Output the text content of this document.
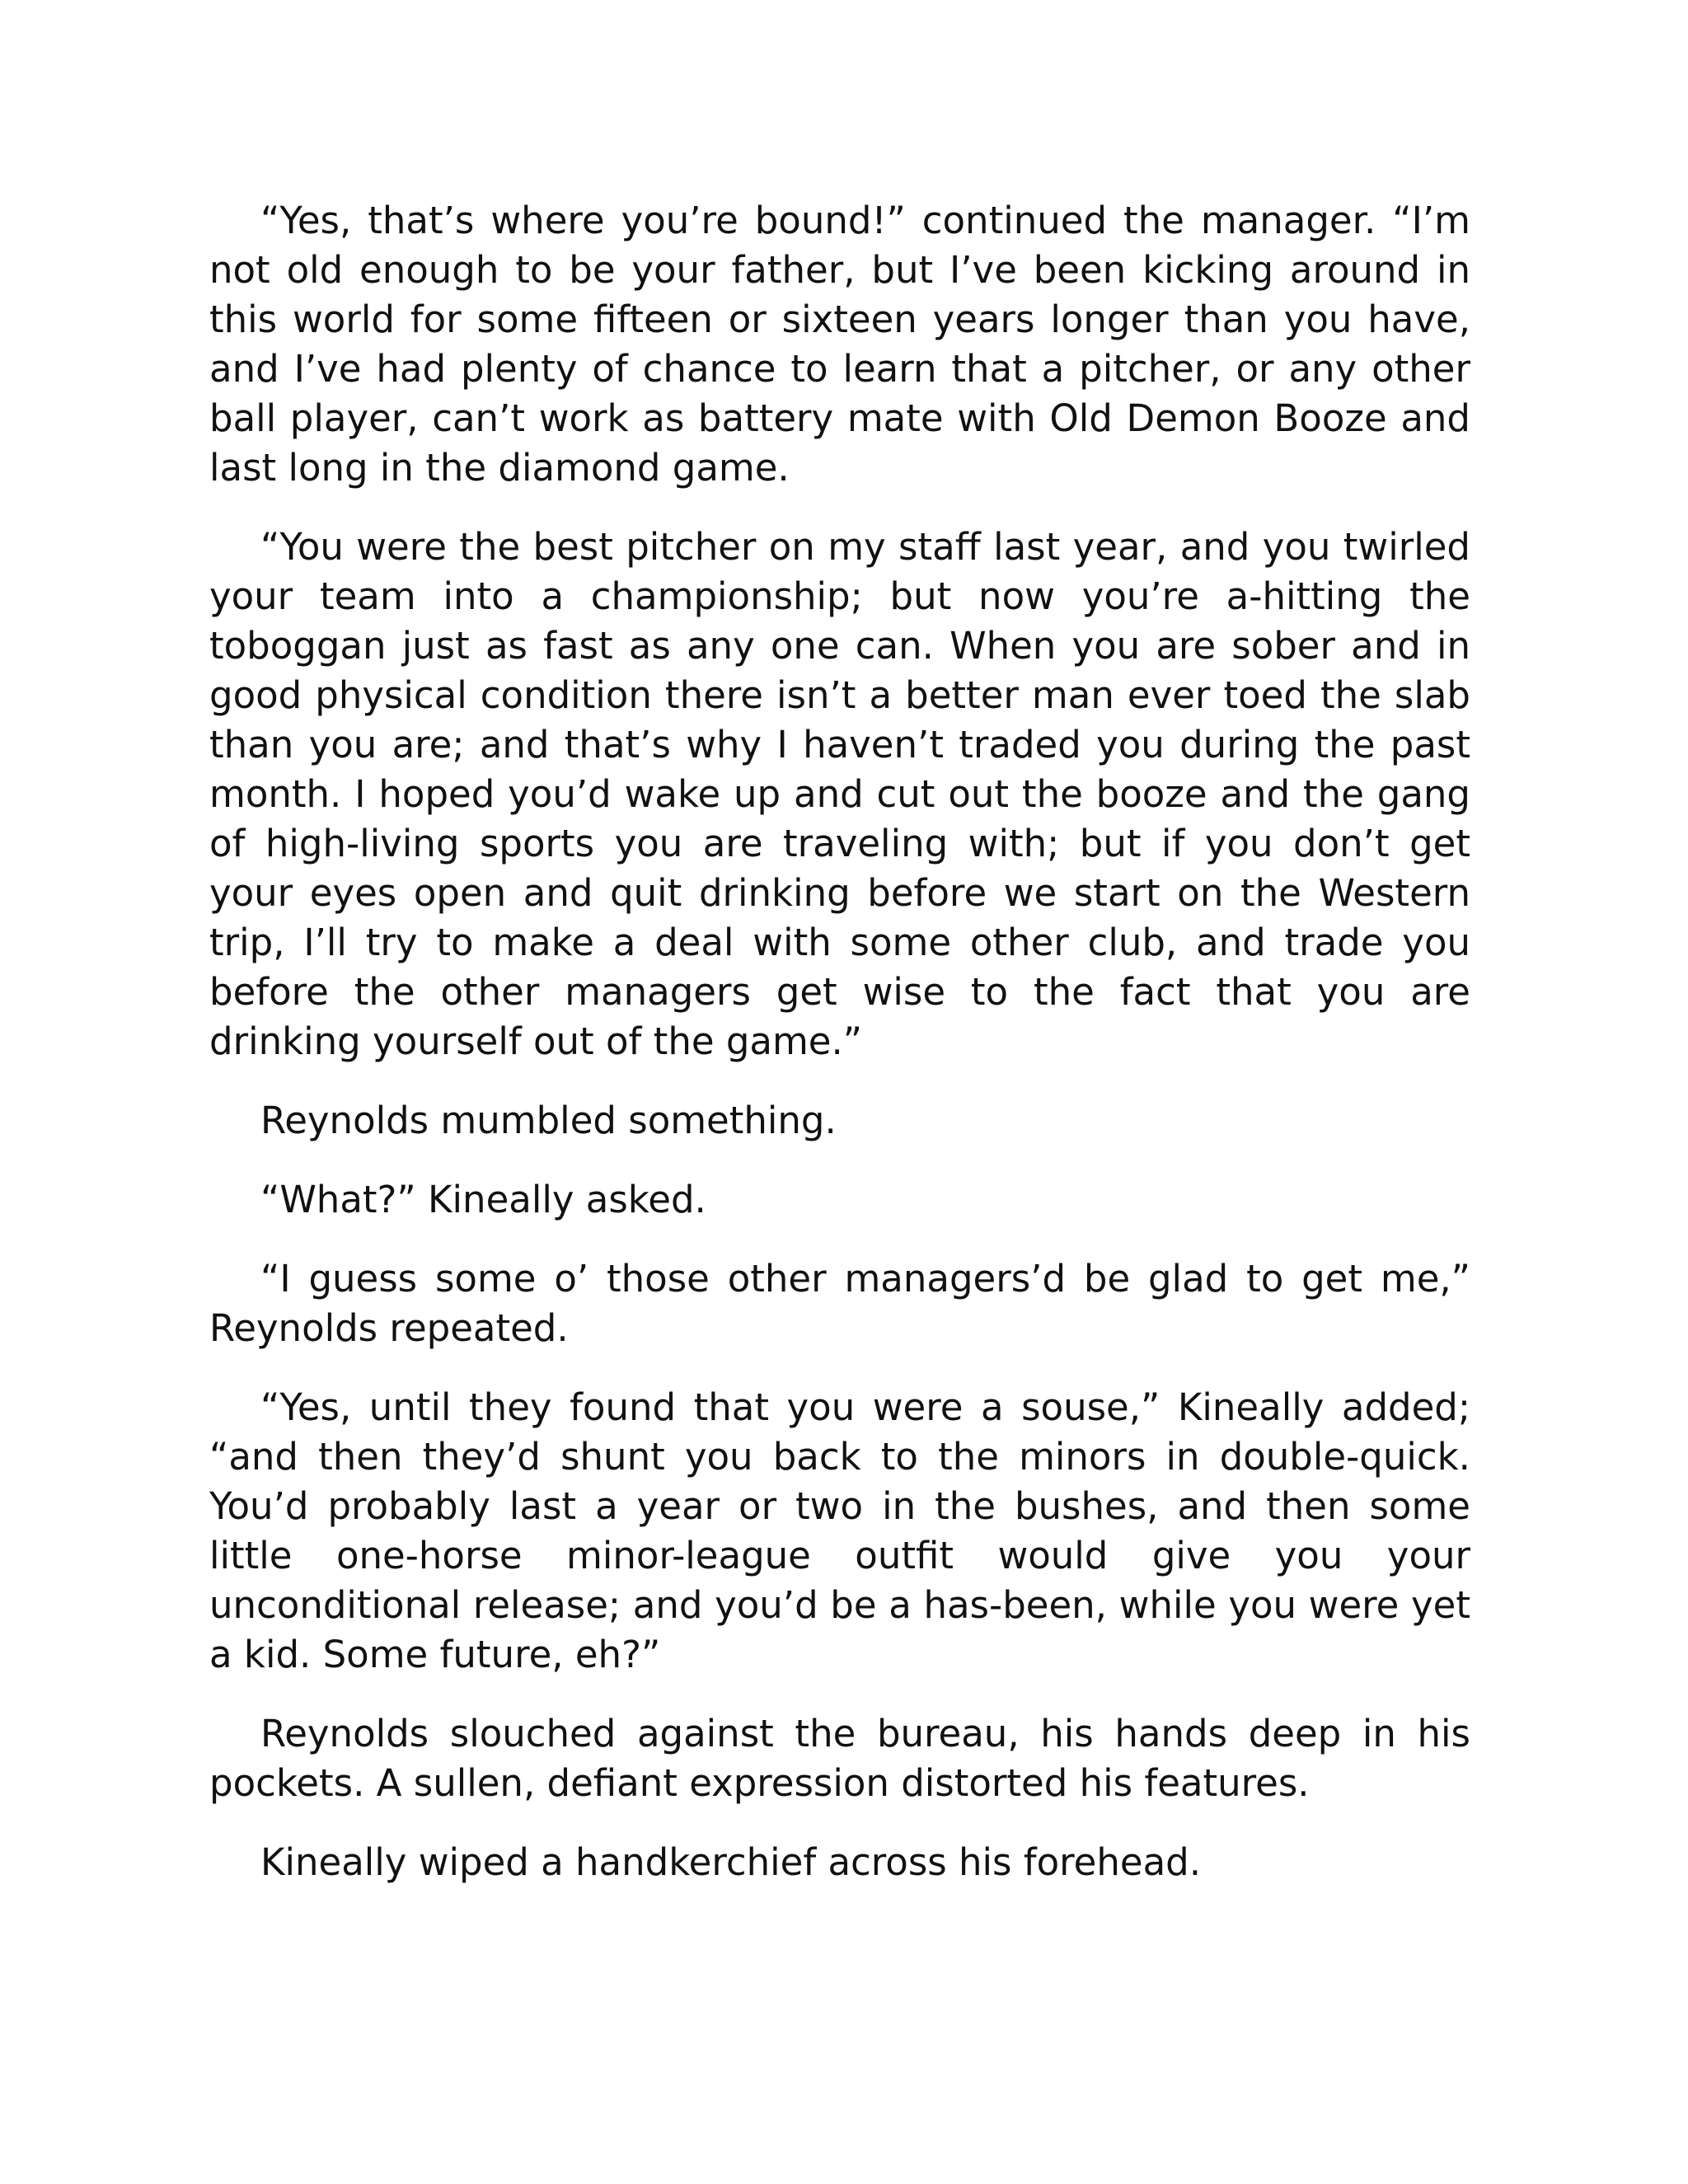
“Yes, that’s where you’re bound!” continued the manager. “I’m not old enough to be your father, but I’ve been kicking around in this world for some fifteen or sixteen years longer than you have, and I’ve had plenty of chance to learn that a pitcher, or any other ball player, can’t work as battery mate with Old Demon Booze and last long in the diamond game.

“You were the best pitcher on my staff last year, and you twirled your team into a championship; but now you’re a-hitting the toboggan just as fast as any one can. When you are sober and in good physical condition there isn’t a better man ever toed the slab than you are; and that’s why I haven’t traded you during the past month. I hoped you’d wake up and cut out the booze and the gang of high-living sports you are traveling with; but if you don’t get your eyes open and quit drinking before we start on the Western trip, I’ll try to make a deal with some other club, and trade you before the other managers get wise to the fact that you are drinking yourself out of the game.”

Reynolds mumbled something.

“What?” Kineally asked.

“I guess some o’ those other managers’d be glad to get me,” Reynolds repeated.

“Yes, until they found that you were a souse,” Kineally added; “and then they’d shunt you back to the minors in double-quick. You’d probably last a year or two in the bushes, and then some little one-horse minor-league outfit would give you your unconditional release; and you’d be a has-been, while you were yet a kid. Some future, eh?”

Reynolds slouched against the bureau, his hands deep in his pockets. A sullen, defiant expression distorted his features.

Kineally wiped a handkerchief across his forehead.
